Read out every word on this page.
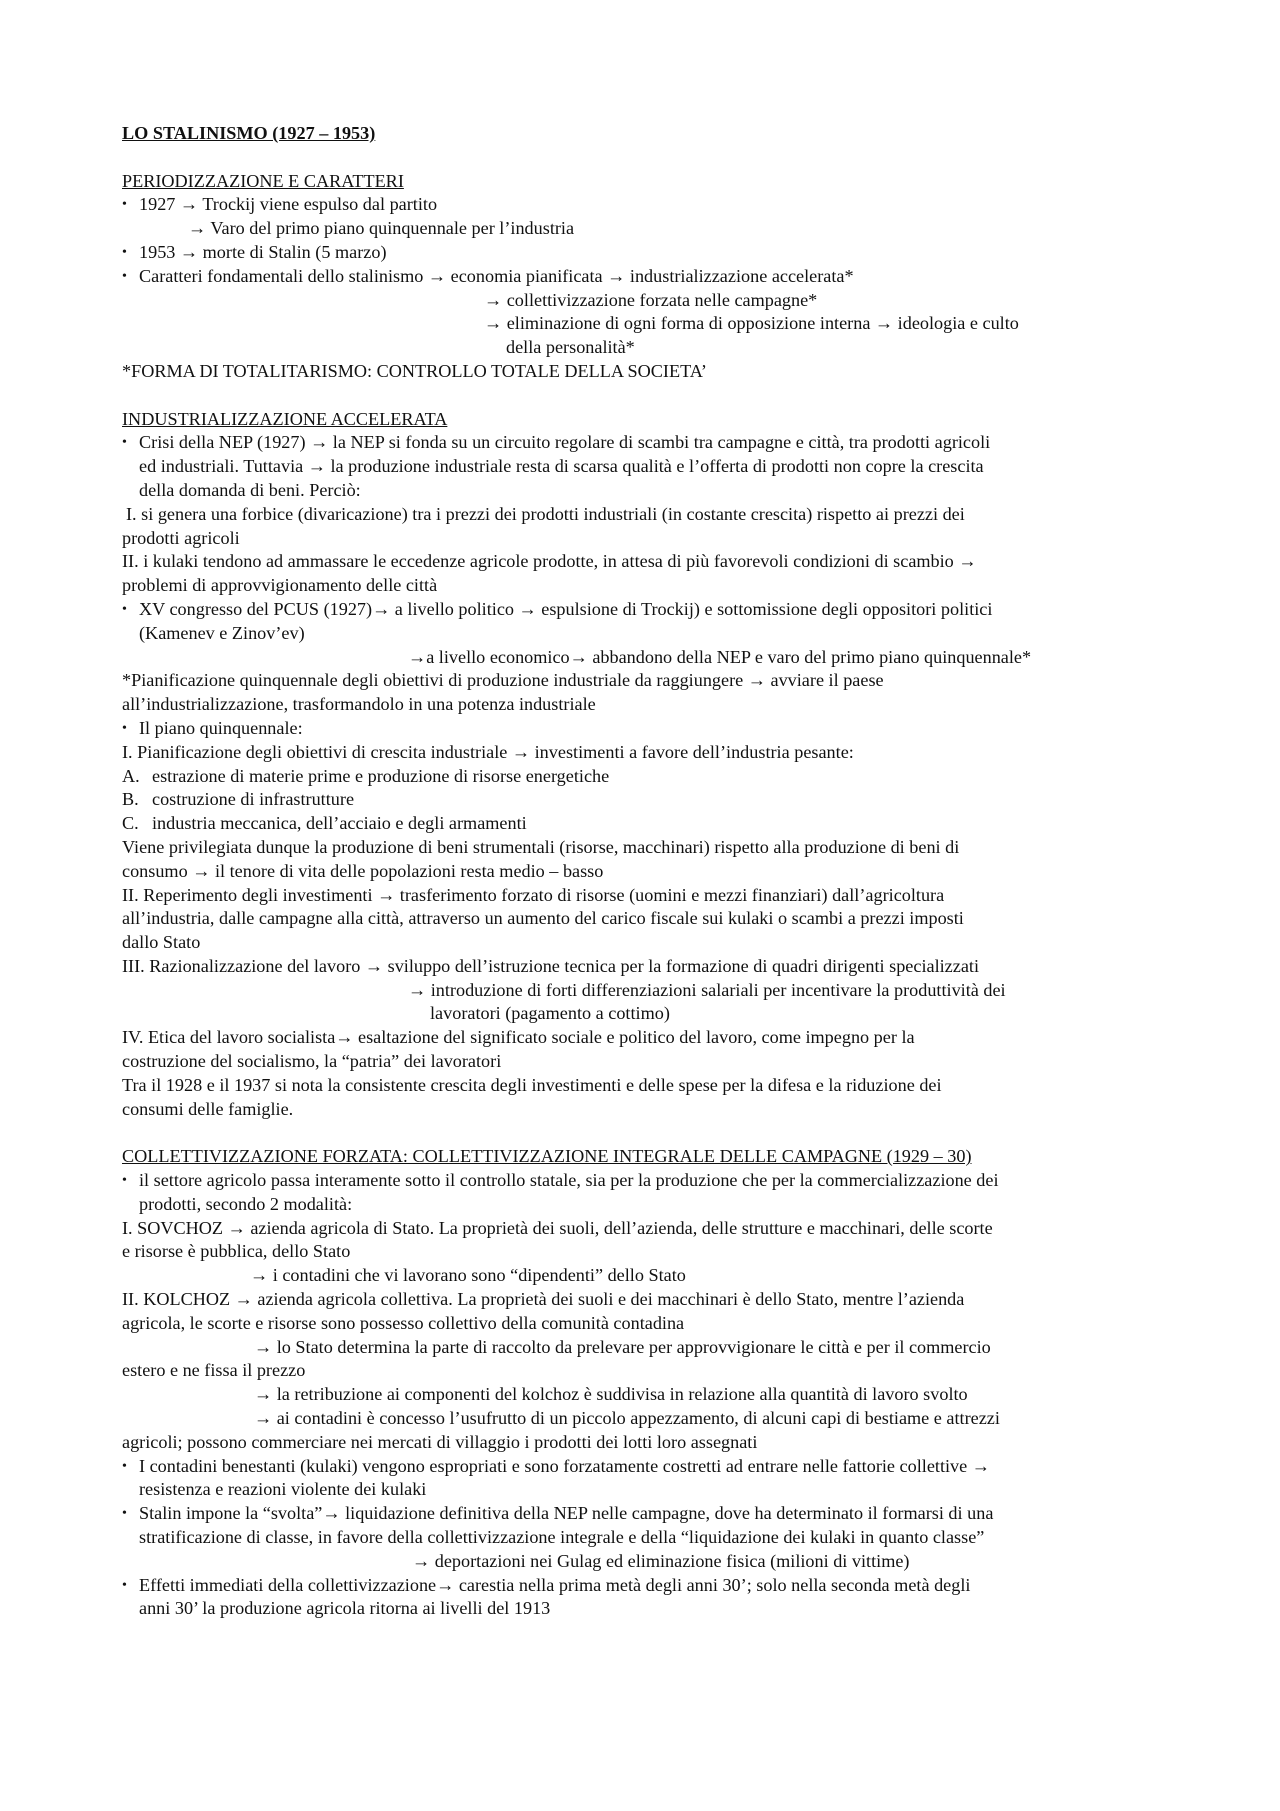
LO STALINISMO (1927 – 1953)
PERIODIZZAZIONE E CARATTERI
• 1927 → Trockij viene espulso dal partito
→ Varo del primo piano quinquennale per l’industria
• 1953 → morte di Stalin (5 marzo)
• Caratteri fondamentali dello stalinismo → economia pianificata → industrializzazione accelerata*
→ collettivizzazione forzata nelle campagne*
→ eliminazione di ogni forma di opposizione interna → ideologia e culto
della personalità*
*FORMA DI TOTALITARISMO: CONTROLLO TOTALE DELLA SOCIETA’
INDUSTRIALIZZAZIONE ACCELERATA
• Crisi della NEP (1927) → la NEP si fonda su un circuito regolare di scambi tra campagne e città, tra prodotti agricoli
ed industriali. Tuttavia → la produzione industriale resta di scarsa qualità e l’offerta di prodotti non copre la crescita
della domanda di beni. Perciò:
I. si genera una forbice (divaricazione) tra i prezzi dei prodotti industriali (in costante crescita) rispetto ai prezzi dei
prodotti agricoli
II. i kulaki tendono ad ammassare le eccedenze agricole prodotte, in attesa di più favorevoli condizioni di scambio →
problemi di approvvigionamento delle città
• XV congresso del PCUS (1927)→ a livello politico → espulsione di Trockij) e sottomissione degli oppositori politici
(Kamenev e Zinov’ev)
→a livello economico→ abbandono della NEP e varo del primo piano quinquennale*
*Pianificazione quinquennale degli obiettivi di produzione industriale da raggiungere → avviare il paese
all’industrializzazione, trasformandolo in una potenza industriale
• Il piano quinquennale:
I. Pianificazione degli obiettivi di crescita industriale → investimenti a favore dell’industria pesante:
A. estrazione di materie prime e produzione di risorse energetiche
B. costruzione di infrastrutture
C. industria meccanica, dell’acciaio e degli armamenti
Viene privilegiata dunque la produzione di beni strumentali (risorse, macchinari) rispetto alla produzione di beni di
consumo → il tenore di vita delle popolazioni resta medio – basso
II. Reperimento degli investimenti → trasferimento forzato di risorse (uomini e mezzi finanziari) dall’agricoltura
all’industria, dalle campagne alla città, attraverso un aumento del carico fiscale sui kulaki o scambi a prezzi imposti
dallo Stato
III. Razionalizzazione del lavoro → sviluppo dell’istruzione tecnica per la formazione di quadri dirigenti specializzati
→ introduzione di forti differenziazioni salariali per incentivare la produttività dei
lavoratori (pagamento a cottimo)
IV. Etica del lavoro socialista→ esaltazione del significato sociale e politico del lavoro, come impegno per la
costruzione del socialismo, la “patria” dei lavoratori
Tra il 1928 e il 1937 si nota la consistente crescita degli investimenti e delle spese per la difesa e la riduzione dei
consumi delle famiglie.
COLLETTIVIZZAZIONE FORZATA: COLLETTIVIZZAZIONE INTEGRALE DELLE CAMPAGNE (1929 – 30)
• il settore agricolo passa interamente sotto il controllo statale, sia per la produzione che per la commercializzazione dei
prodotti, secondo 2 modalità:
I. SOVCHOZ → azienda agricola di Stato. La proprietà dei suoli, dell’azienda, delle strutture e macchinari, delle scorte
e risorse è pubblica, dello Stato
→ i contadini che vi lavorano sono “dipendenti” dello Stato
II. KOLCHOZ → azienda agricola collettiva. La proprietà dei suoli e dei macchinari è dello Stato, mentre l’azienda
agricola, le scorte e risorse sono possesso collettivo della comunità contadina
→ lo Stato determina la parte di raccolto da prelevare per approvvigionare le città e per il commercio
estero e ne fissa il prezzo
→ la retribuzione ai componenti del kolchoz è suddivisa in relazione alla quantità di lavoro svolto
→ ai contadini è concesso l’usufrutto di un piccolo appezzamento, di alcuni capi di bestiame e attrezzi
agricoli; possono commerciare nei mercati di villaggio i prodotti dei lotti loro assegnati
• I contadini benestanti (kulaki) vengono espropriati e sono forzatamente costretti ad entrare nelle fattorie collettive →
resistenza e reazioni violente dei kulaki
• Stalin impone la “svolta”→ liquidazione definitiva della NEP nelle campagne, dove ha determinato il formarsi di una
stratificazione di classe, in favore della collettivizzazione integrale e della “liquidazione dei kulaki in quanto classe”
→ deportazioni nei Gulag ed eliminazione fisica (milioni di vittime)
• Effetti immediati della collettivizzazione→ carestia nella prima metà degli anni 30’; solo nella seconda metà degli
anni 30’ la produzione agricola ritorna ai livelli del 1913
